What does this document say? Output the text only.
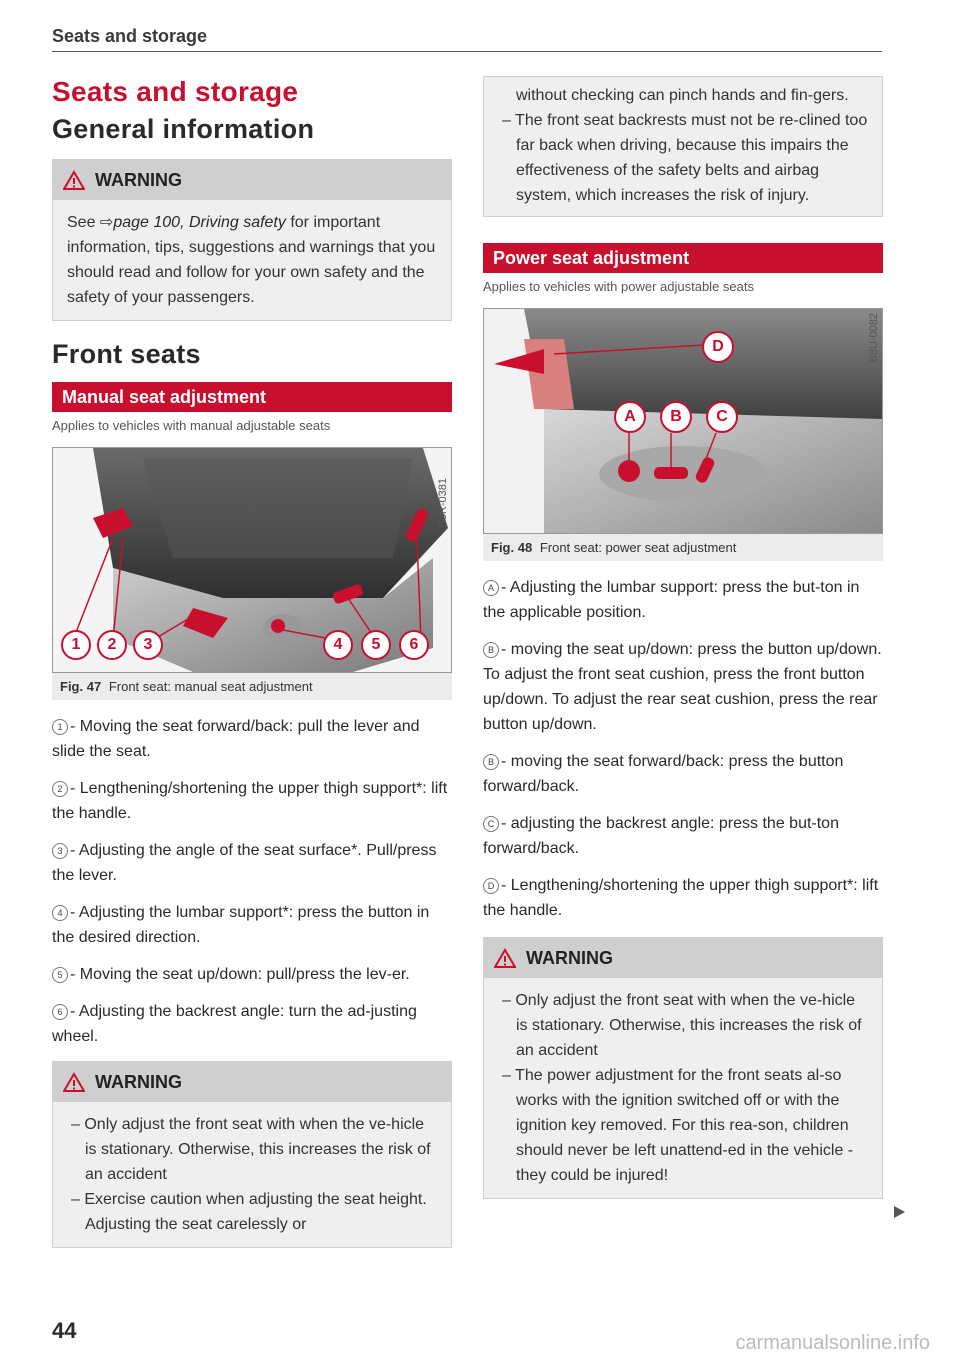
Seats and storage
Seats and storage
General information
WARNING
See ⇨page 100, Driving safety for important information, tips, suggestions and warnings that you should read and follow for your own safety and the safety of your passengers.
Front seats
Manual seat adjustment
Applies to vehicles with manual adjustable seats
1	2	3	4	5	6
B8R-0381
Fig. 47 Front seat: manual seat adjustment
1 - Moving the seat forward/back: pull the lever and slide the seat.
2 - Lengthening/shortening the upper thigh support*: lift the handle.
3 - Adjusting the angle of the seat surface*. Pull/press the lever.
4 - Adjusting the lumbar support*: press the button in the desired direction.
5 - Moving the seat up/down: pull/press the lev-er.
6 - Adjusting the backrest angle: turn the ad-justing wheel.
WARNING
– Only adjust the front seat with when the ve-hicle is stationary. Otherwise, this increases the risk of an accident
– Exercise caution when adjusting the seat height. Adjusting the seat carelessly or
44
without checking can pinch hands and fin-gers.
– The front seat backrests must not be re-clined too far back when driving, because this impairs the effectiveness of the safety belts and airbag system, which increases the risk of injury.
Power seat adjustment
Applies to vehicles with power adjustable seats
A	B	C
D	B8U-0082
Fig. 48 Front seat: power seat adjustment
A - Adjusting the lumbar support: press the but-ton in the applicable position.
B - moving the seat up/down: press the button up/down. To adjust the front seat cushion, press the front button up/down. To adjust the rear seat cushion, press the rear button up/down.
B - moving the seat forward/back: press the button forward/back.
C - adjusting the backrest angle: press the but-ton forward/back.
D - Lengthening/shortening the upper thigh support*: lift the handle.
WARNING
– Only adjust the front seat with when the ve-hicle is stationary. Otherwise, this increases the risk of an accident
– The power adjustment for the front seats al-so works with the ignition switched off or with the ignition key removed. For this rea-son, children should never be left unattend-ed in the vehicle - they could be injured!
carmanualsonline.info
